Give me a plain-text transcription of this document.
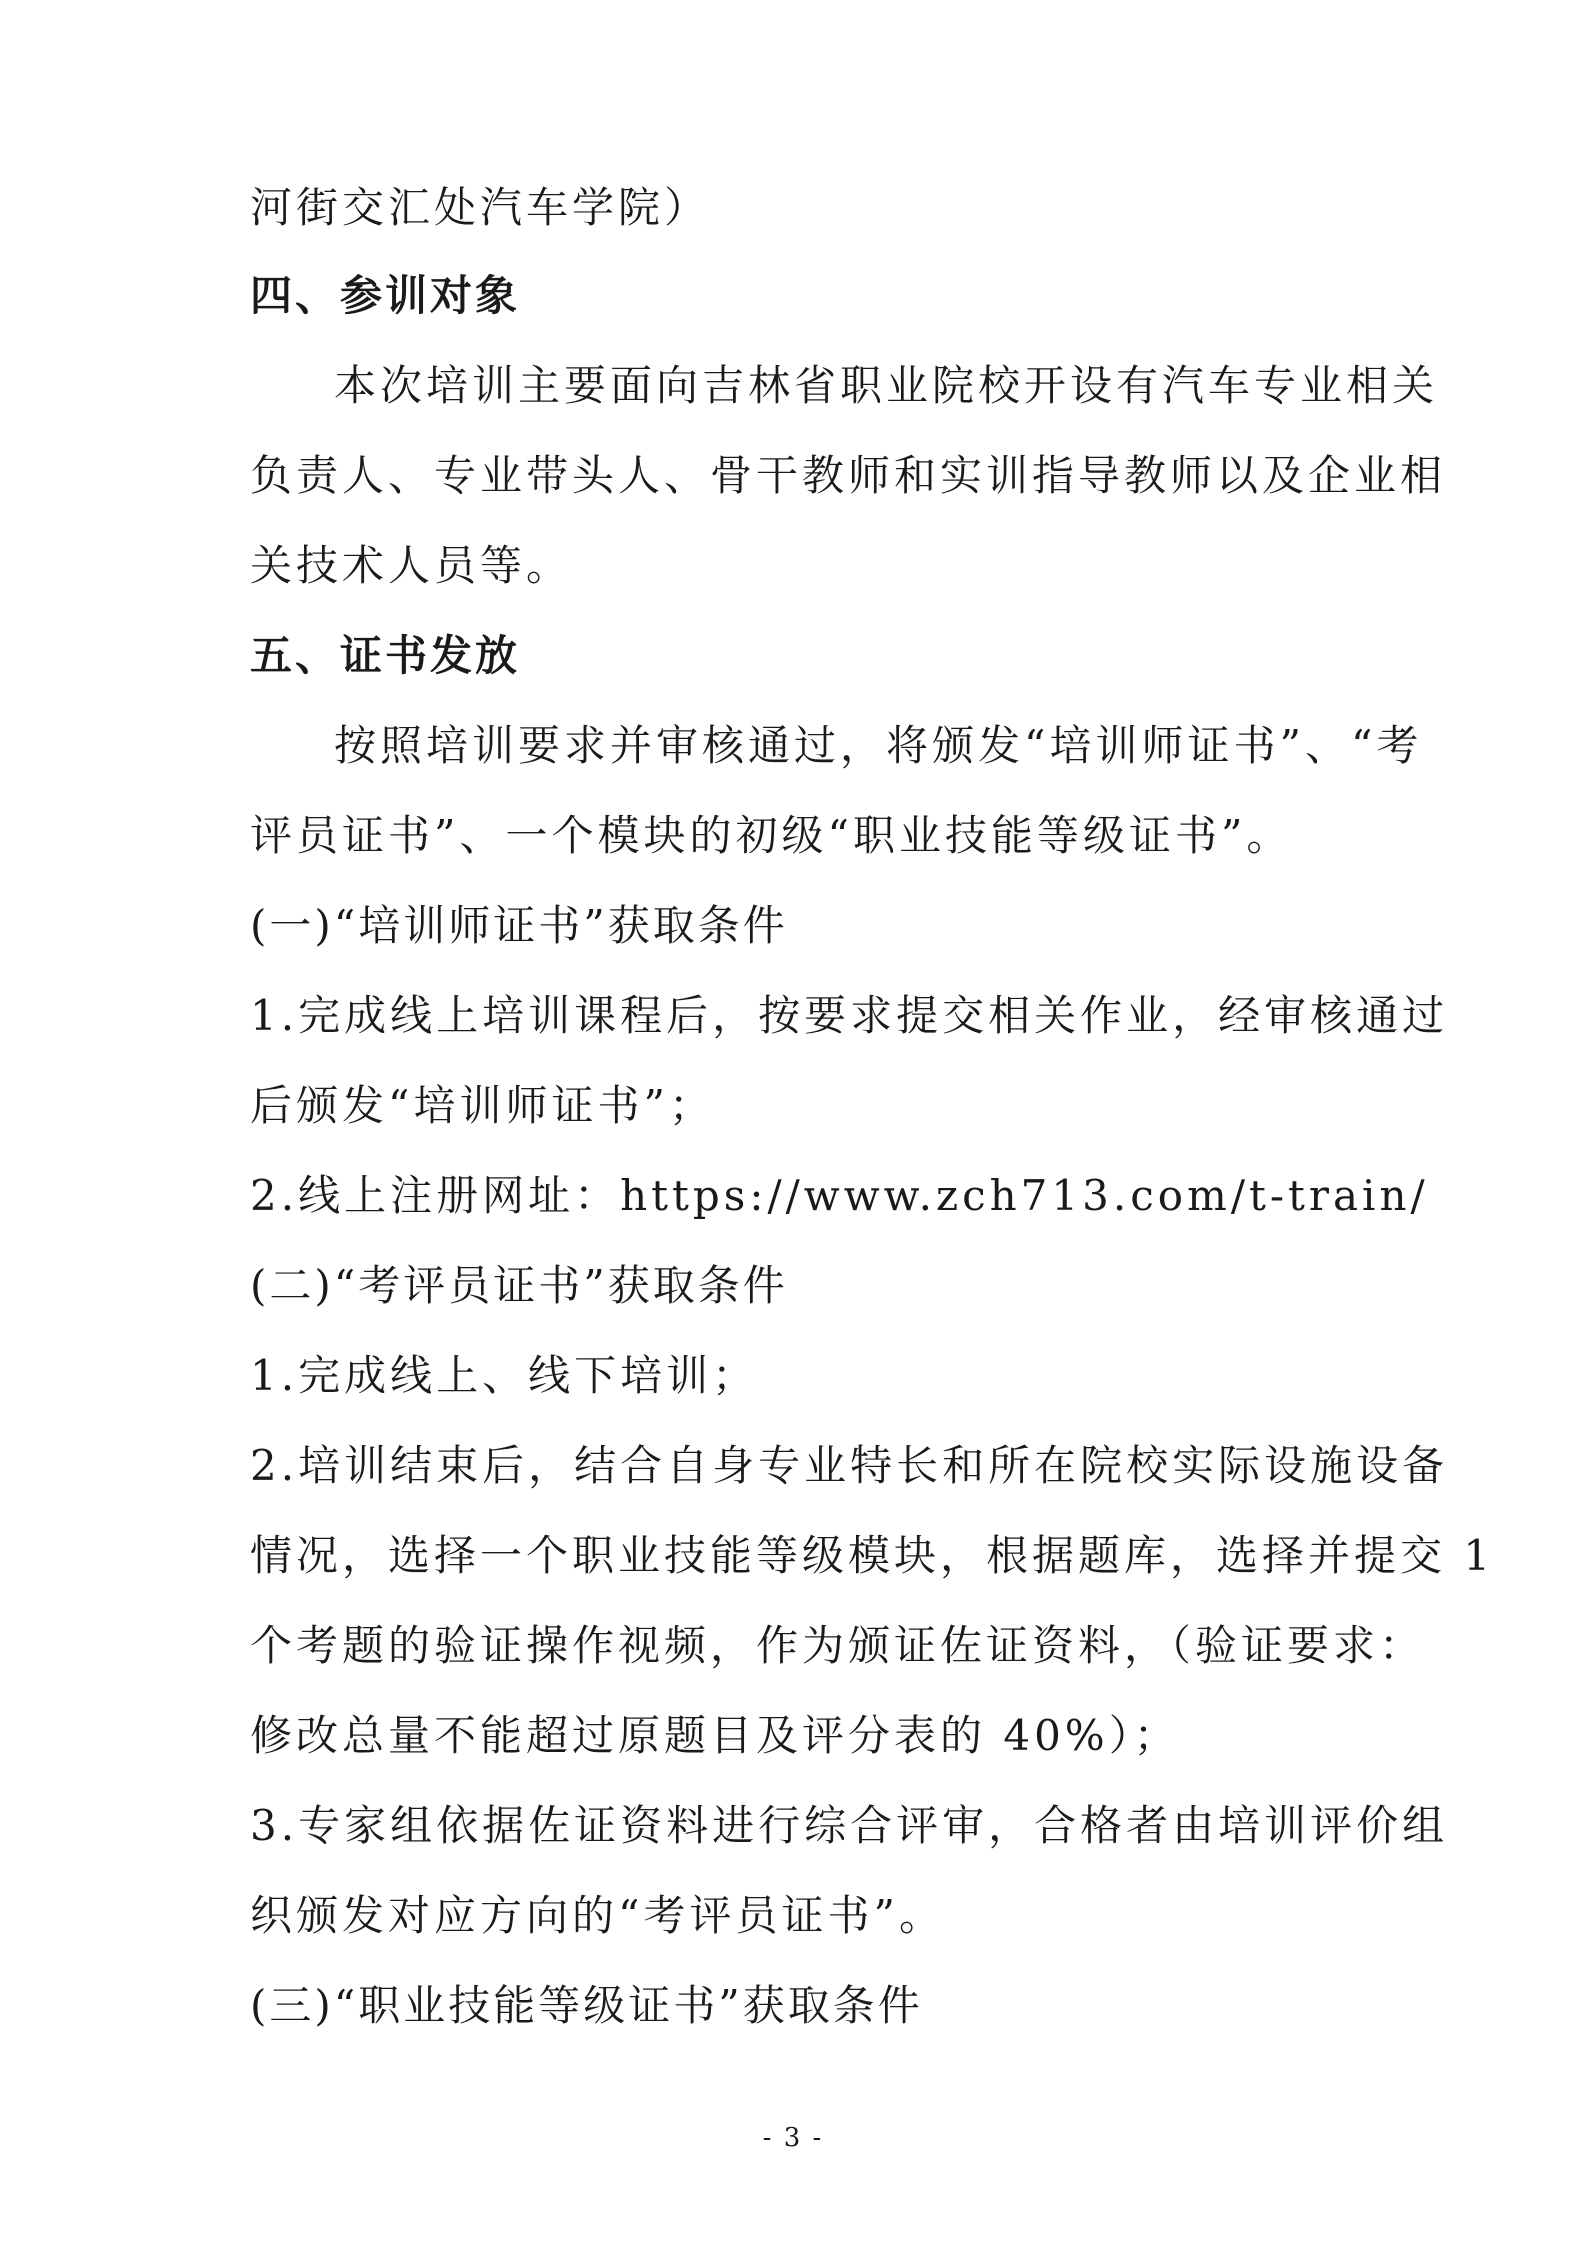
河街交汇处汽车学院）
四、参训对象
本次培训主要面向吉林省职业院校开设有汽车专业相关
负责人、专业带头人、骨干教师和实训指导教师以及企业相
关技术人员等。
五、证书发放
按照培训要求并审核通过，将颁发“培训师证书”、“考
评员证书”、一个模块的初级“职业技能等级证书”。
(一)“培训师证书”获取条件
1.完成线上培训课程后，按要求提交相关作业，经审核通过
后颁发“培训师证书”；
2.线上注册网址：https://www.zch713.com/t-train/
(二)“考评员证书”获取条件
1.完成线上、线下培训；
2.培训结束后，结合自身专业特长和所在院校实际设施设备
情况，选择一个职业技能等级模块，根据题库，选择并提交 1
个考题的验证操作视频，作为颁证佐证资料，（验证要求：
修改总量不能超过原题目及评分表的 40%）；
3.专家组依据佐证资料进行综合评审，合格者由培训评价组
织颁发对应方向的“考评员证书”。
(三)“职业技能等级证书”获取条件
- 3 -
